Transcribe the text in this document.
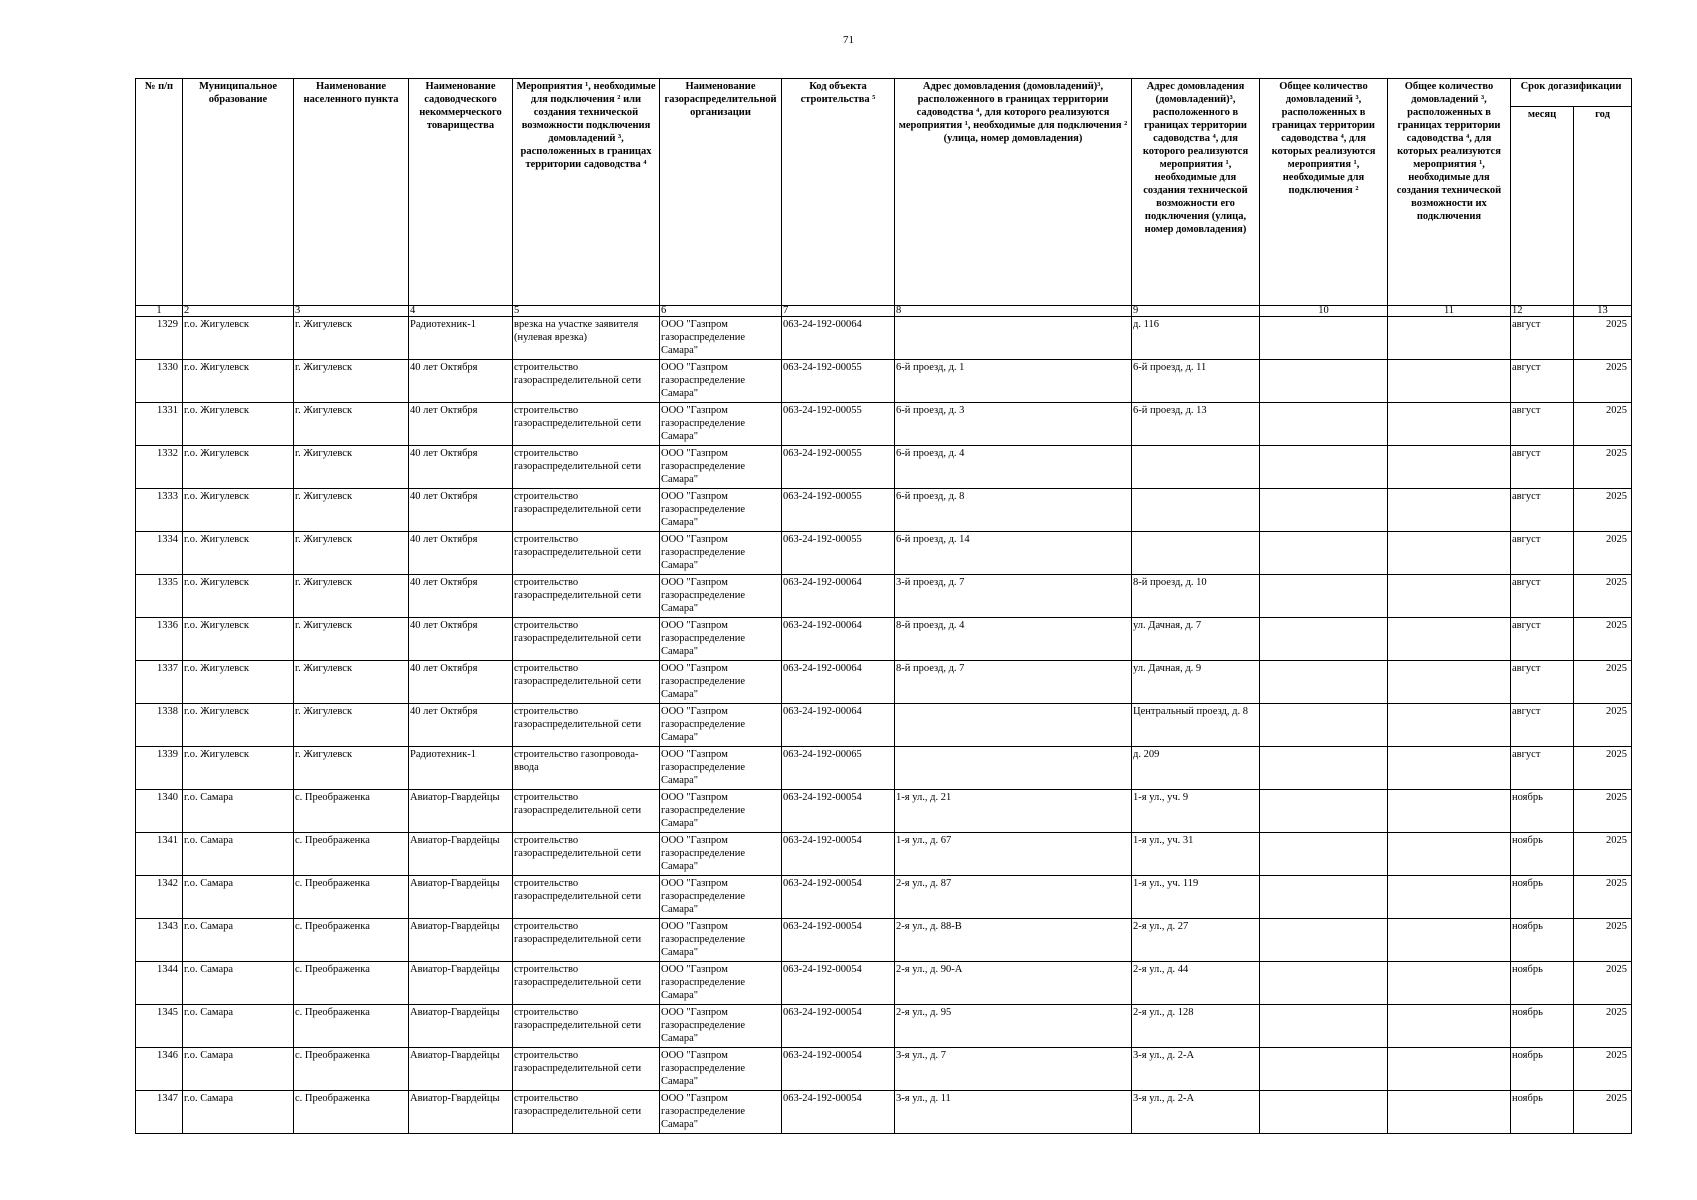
71
№ п/п	Муниципальное образование	Наименование населенного пункта	Наименование садоводческого некоммерческого товарищества	Мероприятия ¹, необходимые для подключения ² или создания технической возможности подключения домовладений ³, расположенных в границах территории садоводства ⁴	Наименование газораспределительной организации	Код объекта строительства ⁵	Адрес домовладения (домовладений)³, расположенного в границах территории садоводства ⁴, для которого реализуются мероприятия ¹, необходимые для подключения ² (улица, номер домовладения)	Адрес домовладения (домовладений)³, расположенного в границах территории садоводства ⁴, для которого реализуются мероприятия ¹, необходимые для создания технической возможности его подключения (улица, номер домовладения)	Общее количество домовладений ³, расположенных в границах территории садоводства ⁴, для которых реализуются мероприятия ¹, необходимые для подключения ²	Общее количество домовладений ³, расположенных в границах территории садоводства ⁴, для которых реализуются мероприятия ¹, необходимые для создания технической возможности их подключения	Срок догазификации	
											месяц	год
1	2	3	4	5	6	7	8	9	10	11	12	13
1329	г.о. Жигулевск	г. Жигулевск	Радиотехник-1	врезка на участке заявителя (нулевая врезка)	ООО "Газпром газораспределение Самара"	063-24-192-00064		д. 116			август	2025
1330	г.о. Жигулевск	г. Жигулевск	40 лет Октября	строительство газораспределительной сети	ООО "Газпром газораспределение Самара"	063-24-192-00055	6-й проезд, д. 1	6-й проезд, д. 11			август	2025
1331	г.о. Жигулевск	г. Жигулевск	40 лет Октября	строительство газораспределительной сети	ООО "Газпром газораспределение Самара"	063-24-192-00055	6-й проезд, д. 3	6-й проезд, д. 13			август	2025
1332	г.о. Жигулевск	г. Жигулевск	40 лет Октября	строительство газораспределительной сети	ООО "Газпром газораспределение Самара"	063-24-192-00055	6-й проезд, д. 4				август	2025
1333	г.о. Жигулевск	г. Жигулевск	40 лет Октября	строительство газораспределительной сети	ООО "Газпром газораспределение Самара"	063-24-192-00055	6-й проезд, д. 8				август	2025
1334	г.о. Жигулевск	г. Жигулевск	40 лет Октября	строительство газораспределительной сети	ООО "Газпром газораспределение Самара"	063-24-192-00055	6-й проезд, д. 14				август	2025
1335	г.о. Жигулевск	г. Жигулевск	40 лет Октября	строительство газораспределительной сети	ООО "Газпром газораспределение Самара"	063-24-192-00064	3-й проезд, д. 7	8-й проезд, д. 10			август	2025
1336	г.о. Жигулевск	г. Жигулевск	40 лет Октября	строительство газораспределительной сети	ООО "Газпром газораспределение Самара"	063-24-192-00064	8-й проезд, д. 4	ул. Дачная, д. 7			август	2025
1337	г.о. Жигулевск	г. Жигулевск	40 лет Октября	строительство газораспределительной сети	ООО "Газпром газораспределение Самара"	063-24-192-00064	8-й проезд, д. 7	ул. Дачная, д. 9			август	2025
1338	г.о. Жигулевск	г. Жигулевск	40 лет Октября	строительство газораспределительной сети	ООО "Газпром газораспределение Самара"	063-24-192-00064		Центральный проезд, д. 8			август	2025
1339	г.о. Жигулевск	г. Жигулевск	Радиотехник-1	строительство газопровода-ввода	ООО "Газпром газораспределение Самара"	063-24-192-00065		д. 209			август	2025
1340	г.о. Самара	с. Преображенка	Авиатор-Гвардейцы	строительство газораспределительной сети	ООО "Газпром газораспределение Самара"	063-24-192-00054	1-я ул., д. 21	1-я ул., уч. 9			ноябрь	2025
1341	г.о. Самара	с. Преображенка	Авиатор-Гвардейцы	строительство газораспределительной сети	ООО "Газпром газораспределение Самара"	063-24-192-00054	1-я ул., д. 67	1-я ул., уч. 31			ноябрь	2025
1342	г.о. Самара	с. Преображенка	Авиатор-Гвардейцы	строительство газораспределительной сети	ООО "Газпром газораспределение Самара"	063-24-192-00054	2-я ул., д. 87	1-я ул., уч. 119			ноябрь	2025
1343	г.о. Самара	с. Преображенка	Авиатор-Гвардейцы	строительство газораспределительной сети	ООО "Газпром газораспределение Самара"	063-24-192-00054	2-я ул., д. 88-В	2-я ул., д. 27			ноябрь	2025
1344	г.о. Самара	с. Преображенка	Авиатор-Гвардейцы	строительство газораспределительной сети	ООО "Газпром газораспределение Самара"	063-24-192-00054	2-я ул., д. 90-А	2-я ул., д. 44			ноябрь	2025
1345	г.о. Самара	с. Преображенка	Авиатор-Гвардейцы	строительство газораспределительной сети	ООО "Газпром газораспределение Самара"	063-24-192-00054	2-я ул., д. 95	2-я ул., д. 128			ноябрь	2025
1346	г.о. Самара	с. Преображенка	Авиатор-Гвардейцы	строительство газораспределительной сети	ООО "Газпром газораспределение Самара"	063-24-192-00054	3-я ул., д. 7	3-я ул., д. 2-А			ноябрь	2025
1347	г.о. Самара	с. Преображенка	Авиатор-Гвардейцы	строительство газораспределительной сети	ООО "Газпром газораспределение Самара"	063-24-192-00054	3-я ул., д. 11	3-я ул., д. 2-А			ноябрь	2025
